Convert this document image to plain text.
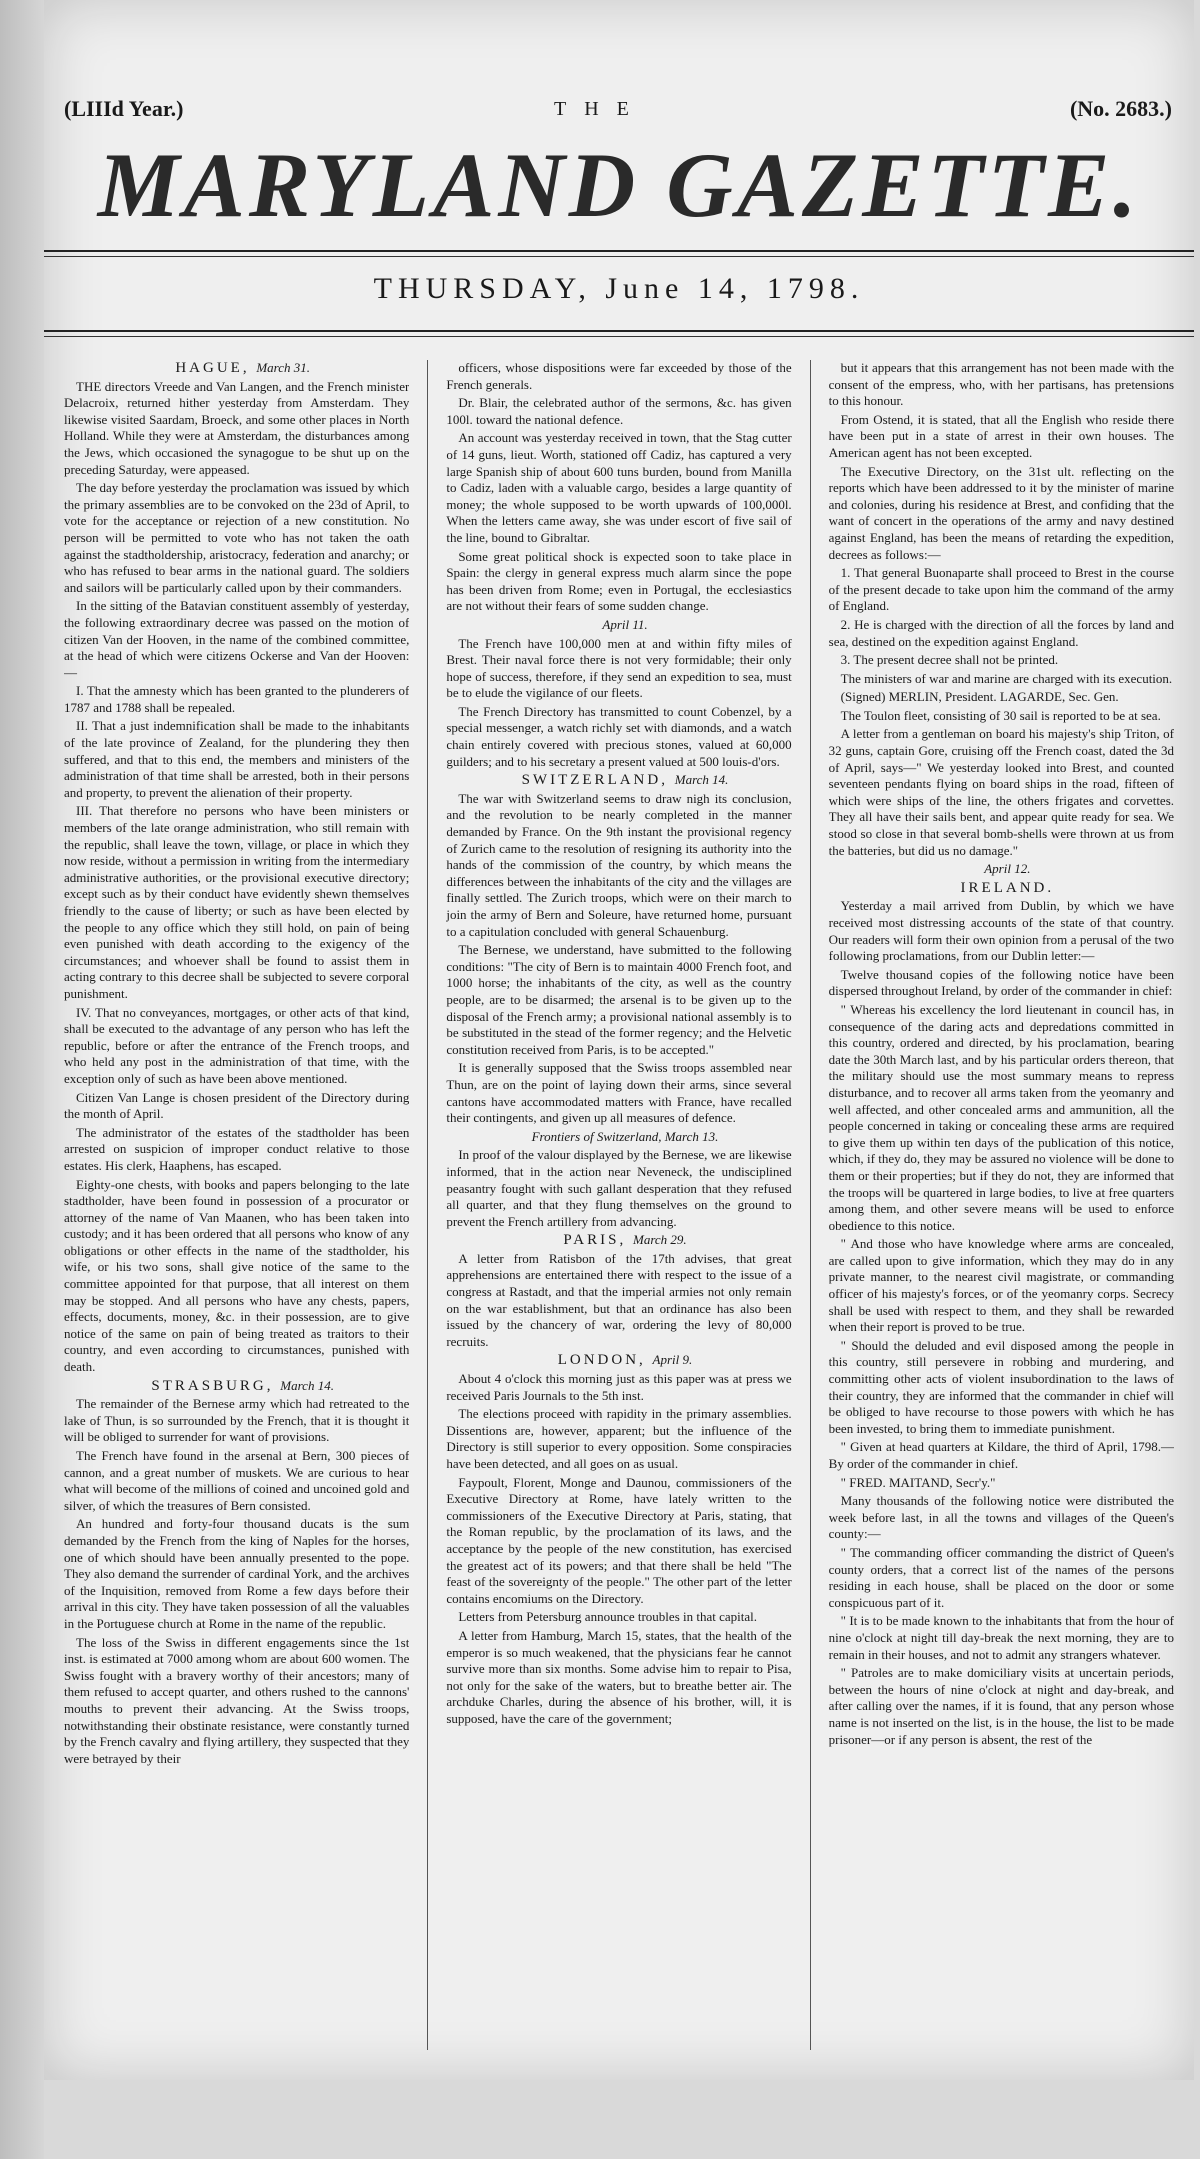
(LIIId Year.)	THE	(No. 2683.)
MARYLAND GAZETTE.
THURSDAY, June 14, 1798.

HAGUE, March 31.

THE directors Vreede and Van Langen, and the French minister Delacroix, returned hither yesterday from Amsterdam. They likewise visited Saardam, Broeck, and some other places in North Holland. While they were at Amsterdam, the disturbances among the Jews, which occasioned the synagogue to be shut up on the preceding Saturday, were appeased.

The day before yesterday the proclamation was issued by which the primary assemblies are to be convoked on the 23d of April, to vote for the acceptance or rejection of a new constitution. No person will be permitted to vote who has not taken the oath against the stadtholdership, aristocracy, federation and anarchy; or who has refused to bear arms in the national guard. The soldiers and sailors will be particularly called upon by their commanders.

In the sitting of the Batavian constituent assembly of yesterday, the following extraordinary decree was passed on the motion of citizen Van der Hooven, in the name of the combined committee, at the head of which were citizens Ockerse and Van der Hooven:—

I. That the amnesty which has been granted to the plunderers of 1787 and 1788 shall be repealed.

II. That a just indemnification shall be made to the inhabitants of the late province of Zealand, for the plundering they then suffered, and that to this end, the members and ministers of the administration of that time shall be arrested, both in their persons and property, to prevent the alienation of their property.

III. That therefore no persons who have been ministers or members of the late orange administration, who still remain with the republic, shall leave the town, village, or place in which they now reside, without a permission in writing from the intermediary administrative authorities, or the provisional executive directory; except such as by their conduct have evidently shewn themselves friendly to the cause of liberty; or such as have been elected by the people to any office which they still hold, on pain of being even punished with death according to the exigency of the circumstances; and whoever shall be found to assist them in acting contrary to this decree shall be subjected to severe corporal punishment.

IV. That no conveyances, mortgages, or other acts of that kind, shall be executed to the advantage of any person who has left the republic, before or after the entrance of the French troops, and who held any post in the administration of that time, with the exception only of such as have been above mentioned.

Citizen Van Lange is chosen president of the Directory during the month of April.

The administrator of the estates of the stadtholder has been arrested on suspicion of improper conduct relative to those estates. His clerk, Haaphens, has escaped.

Eighty-one chests, with books and papers belonging to the late stadtholder, have been found in possession of a procurator or attorney of the name of Van Maanen, who has been taken into custody; and it has been ordered that all persons who know of any obligations or other effects in the name of the stadtholder, his wife, or his two sons, shall give notice of the same to the committee appointed for that purpose, that all interest on them may be stopped. And all persons who have any chests, papers, effects, documents, money, &c. in their possession, are to give notice of the same on pain of being treated as traitors to their country, and even according to circumstances, punished with death.

STRASBURG, March 14.

The remainder of the Bernese army which had retreated to the lake of Thun, is so surrounded by the French, that it is thought it will be obliged to surrender for want of provisions.

The French have found in the arsenal at Bern, 300 pieces of cannon, and a great number of muskets. We are curious to hear what will become of the millions of coined and uncoined gold and silver, of which the treasures of Bern consisted.

An hundred and forty-four thousand ducats is the sum demanded by the French from the king of Naples for the horses, one of which should have been annually presented to the pope. They also demand the surrender of cardinal York, and the archives of the Inquisition, removed from Rome a few days before their arrival in this city. They have taken possession of all the valuables in the Portuguese church at Rome in the name of the republic.

The loss of the Swiss in different engagements since the 1st inst. is estimated at 7000 among whom are about 600 women. The Swiss fought with a bravery worthy of their ancestors; many of them refused to accept quarter, and others rushed to the cannons' mouths to prevent their advancing. At the Swiss troops, notwithstanding their obstinate resistance, were constantly turned by the French cavalry and flying artillery, they suspected that they were betrayed by their

officers, whose dispositions were far exceeded by those of the French generals.

Dr. Blair, the celebrated author of the sermons, &c. has given 100l. toward the national defence.

An account was yesterday received in town, that the Stag cutter of 14 guns, lieut. Worth, stationed off Cadiz, has captured a very large Spanish ship of about 600 tuns burden, bound from Manilla to Cadiz, laden with a valuable cargo, besides a large quantity of money; the whole supposed to be worth upwards of 100,000l. When the letters came away, she was under escort of five sail of the line, bound to Gibraltar.

Some great political shock is expected soon to take place in Spain: the clergy in general express much alarm since the pope has been driven from Rome; even in Portugal, the ecclesiastics are not without their fears of some sudden change.

April 11.

The French have 100,000 men at and within fifty miles of Brest. Their naval force there is not very formidable; their only hope of success, therefore, if they send an expedition to sea, must be to elude the vigilance of our fleets.

The French Directory has transmitted to count Cobenzel, by a special messenger, a watch richly set with diamonds, and a watch chain entirely covered with precious stones, valued at 60,000 guilders; and to his secretary a present valued at 500 louis-d'ors.

SWITZERLAND, March 14.

The war with Switzerland seems to draw nigh its conclusion, and the revolution to be nearly completed in the manner demanded by France. On the 9th instant the provisional regency of Zurich came to the resolution of resigning its authority into the hands of the commission of the country, by which means the differences between the inhabitants of the city and the villages are finally settled. The Zurich troops, which were on their march to join the army of Bern and Soleure, have returned home, pursuant to a capitulation concluded with general Schauenburg.

The Bernese, we understand, have submitted to the following conditions: "The city of Bern is to maintain 4000 French foot, and 1000 horse; the inhabitants of the city, as well as the country people, are to be disarmed; the arsenal is to be given up to the disposal of the French army; a provisional national assembly is to be substituted in the stead of the former regency; and the Helvetic constitution received from Paris, is to be accepted."

It is generally supposed that the Swiss troops assembled near Thun, are on the point of laying down their arms, since several cantons have accommodated matters with France, have recalled their contingents, and given up all measures of defence.

Frontiers of Switzerland, March 13.

In proof of the valour displayed by the Bernese, we are likewise informed, that in the action near Neveneck, the undisciplined peasantry fought with such gallant desperation that they refused all quarter, and that they flung themselves on the ground to prevent the French artillery from advancing.

PARIS, March 29.

A letter from Ratisbon of the 17th advises, that great apprehensions are entertained there with respect to the issue of a congress at Rastadt, and that the imperial armies not only remain on the war establishment, but that an ordinance has also been issued by the chancery of war, ordering the levy of 80,000 recruits.

LONDON, April 9.

About 4 o'clock this morning just as this paper was at press we received Paris Journals to the 5th inst.

The elections proceed with rapidity in the primary assemblies. Dissentions are, however, apparent; but the influence of the Directory is still superior to every opposition. Some conspiracies have been detected, and all goes on as usual.

Faypoult, Florent, Monge and Daunou, commissioners of the Executive Directory at Rome, have lately written to the commissioners of the Executive Directory at Paris, stating, that the Roman republic, by the proclamation of its laws, and the acceptance by the people of the new constitution, has exercised the greatest act of its powers; and that there shall be held "The feast of the sovereignty of the people." The other part of the letter contains encomiums on the Directory.

Letters from Petersburg announce troubles in that capital.

A letter from Hamburg, March 15, states, that the health of the emperor is so much weakened, that the physicians fear he cannot survive more than six months. Some advise him to repair to Pisa, not only for the sake of the waters, but to breathe better air. The archduke Charles, during the absence of his brother, will, it is supposed, have the care of the government;

but it appears that this arrangement has not been made with the consent of the empress, who, with her partisans, has pretensions to this honour.

From Ostend, it is stated, that all the English who reside there have been put in a state of arrest in their own houses. The American agent has not been excepted.

The Executive Directory, on the 31st ult. reflecting on the reports which have been addressed to it by the minister of marine and colonies, during his residence at Brest, and confiding that the want of concert in the operations of the army and navy destined against England, has been the means of retarding the expedition, decrees as follows:—

1. That general Buonaparte shall proceed to Brest in the course of the present decade to take upon him the command of the army of England.

2. He is charged with the direction of all the forces by land and sea, destined on the expedition against England.

3. The present decree shall not be printed.

The ministers of war and marine are charged with its execution.

(Signed) MERLIN, President. LAGARDE, Sec. Gen.

The Toulon fleet, consisting of 30 sail is reported to be at sea.

A letter from a gentleman on board his majesty's ship Triton, of 32 guns, captain Gore, cruising off the French coast, dated the 3d of April, says—" We yesterday looked into Brest, and counted seventeen pendants flying on board ships in the road, fifteen of which were ships of the line, the others frigates and corvettes. They all have their sails bent, and appear quite ready for sea. We stood so close in that several bomb-shells were thrown at us from the batteries, but did us no damage."

April 12.

IRELAND.

Yesterday a mail arrived from Dublin, by which we have received most distressing accounts of the state of that country. Our readers will form their own opinion from a perusal of the two following proclamations, from our Dublin letter:—

Twelve thousand copies of the following notice have been dispersed throughout Ireland, by order of the commander in chief:

" Whereas his excellency the lord lieutenant in council has, in consequence of the daring acts and depredations committed in this country, ordered and directed, by his proclamation, bearing date the 30th March last, and by his particular orders thereon, that the military should use the most summary means to repress disturbance, and to recover all arms taken from the yeomanry and well affected, and other concealed arms and ammunition, all the people concerned in taking or concealing these arms are required to give them up within ten days of the publication of this notice, which, if they do, they may be assured no violence will be done to them or their properties; but if they do not, they are informed that the troops will be quartered in large bodies, to live at free quarters among them, and other severe means will be used to enforce obedience to this notice.

" And those who have knowledge where arms are concealed, are called upon to give information, which they may do in any private manner, to the nearest civil magistrate, or commanding officer of his majesty's forces, or of the yeomanry corps. Secrecy shall be used with respect to them, and they shall be rewarded when their report is proved to be true.

" Should the deluded and evil disposed among the people in this country, still persevere in robbing and murdering, and committing other acts of violent insubordination to the laws of their country, they are informed that the commander in chief will be obliged to have recourse to those powers with which he has been invested, to bring them to immediate punishment.

" Given at head quarters at Kildare, the third of April, 1798.—By order of the commander in chief.

" FRED. MAITAND, Secr'y."

Many thousands of the following notice were distributed the week before last, in all the towns and villages of the Queen's county:—

" The commanding officer commanding the district of Queen's county orders, that a correct list of the names of the persons residing in each house, shall be placed on the door or some conspicuous part of it.

" It is to be made known to the inhabitants that from the hour of nine o'clock at night till day-break the next morning, they are to remain in their houses, and not to admit any strangers whatever.

" Patroles are to make domiciliary visits at uncertain periods, between the hours of nine o'clock at night and day-break, and after calling over the names, if it is found, that any person whose name is not inserted on the list, is in the house, the list to be made prisoner—or if any person is absent, the rest of the
